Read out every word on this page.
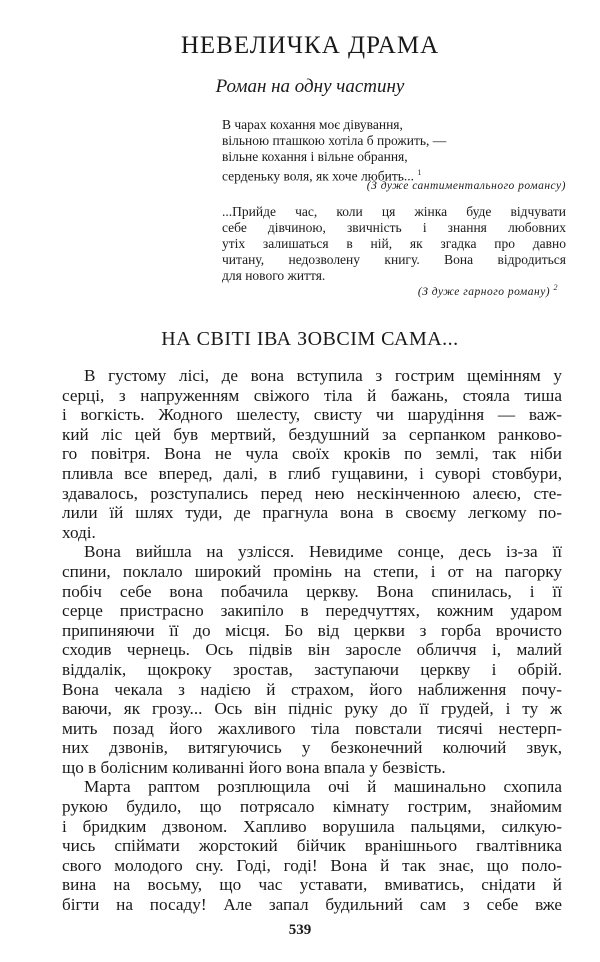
НЕВЕЛИЧКА ДРАМА
Роман на одну частину
В чарах кохання моє дівування,
вільною пташкою хотіла б прожить, —
вільне кохання і вільне обрання,
серденьку воля, як хоче любить... $^1$
(З дуже сантиментального романсу)
...Прийде час, коли ця жінка буде відчувати
себе дівчиною, звичність і знання любовних
утіх залишаться в ній, як згадка про давно
читану, недозволену книгу. Вона відродиться
для нового життя.
(З дуже гарного роману) $^2$
НА СВІТІ ІВА ЗОВСІМ САМА...
В густому лісі, де вона вступила з гострим щемінням у
серці, з напруженням свіжого тіла й бажань, стояла тиша
і вогкість. Жодного шелесту, свисту чи шарудіння — важ-
кий ліс цей був мертвий, бездушний за серпанком ранково-
го повітря. Вона не чула своїх кроків по землі, так ніби
пливла все вперед, далі, в глиб гущавини, і суворі стовбури,
здавалось, розступались перед нею нескінченною алеєю, сте-
лили їй шлях туди, де прагнула вона в своєму легкому по-
ході.
Вона вийшла на узлісся. Невидиме сонце, десь із-за її
спини, поклало широкий промінь на степи, і от на пагорку
побіч себе вона побачила церкву. Вона спинилась, і її
серце пристрасно закипіло в передчуттях, кожним ударом
припиняючи її до місця. Бо від церкви з горба врочисто
сходив чернець. Ось підвів він заросле обличчя і, малий
віддалік, щокроку зростав, заступаючи церкву і обрій.
Вона чекала з надією й страхом, його наближення почу-
ваючи, як грозу... Ось він підніс руку до її грудей, і ту ж
мить позад його жахливого тіла повстали тисячі нестерп-
них дзвонів, витягуючись у безконечний колючий звук,
що в болісним коливанні його вона впала у безвість.
Марта раптом розплющила очі й машинально схопила
рукою будило, що потрясало кімнату гострим, знайомим
і бридким дзвоном. Хапливо ворушила пальцями, силкую-
чись спіймати жорстокий бійчик вранішнього гвалтівника
свого молодого сну. Годі, годі! Вона й так знає, що поло-
вина на восьму, що час уставати, вмиватись, снідати й
бігти на посаду! Але запал будильний сам з себе вже
539
